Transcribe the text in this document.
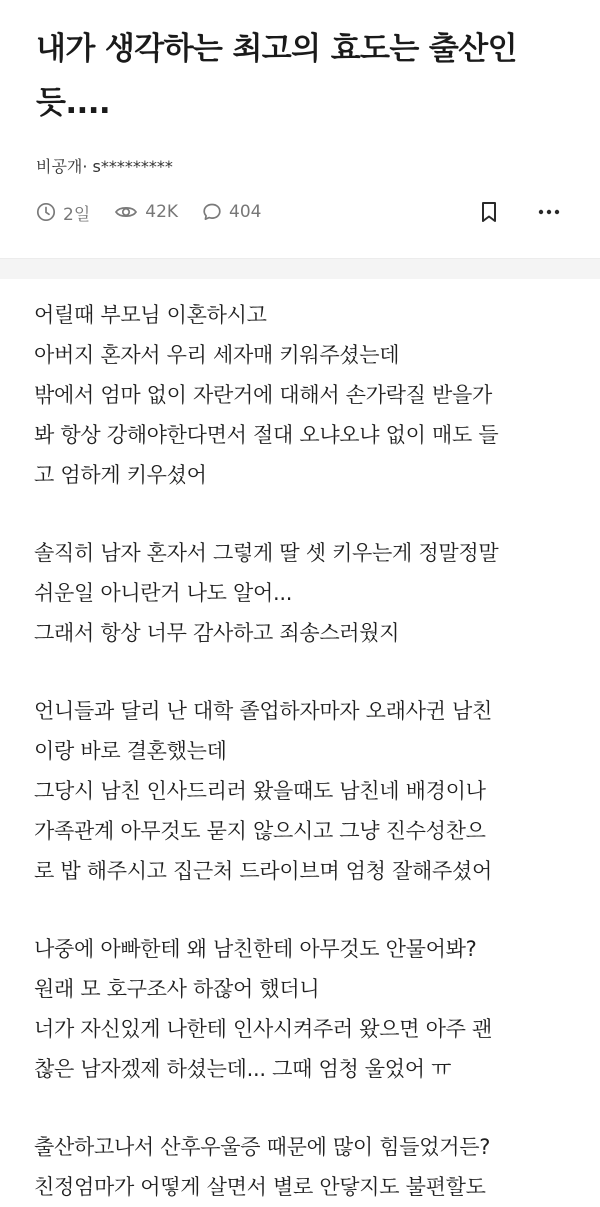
내가 생각하는 최고의 효도는 출산인
듯....
비공개· s*********
2일	42K	404
어릴때 부모님 이혼하시고
아버지 혼자서 우리 세자매 키워주셨는데
밖에서 엄마 없이 자란거에 대해서 손가락질 받을가
봐 항상 강해야한다면서 절대 오냐오냐 없이 매도 들
고 엄하게 키우셨어
솔직히 남자 혼자서 그렇게 딸 셋 키우는게 정말정말
쉬운일 아니란거 나도 알어...
그래서 항상 너무 감사하고 죄송스러웠지
언니들과 달리 난 대학 졸업하자마자 오래사귄 남친
이랑 바로 결혼했는데
그당시 남친 인사드리러 왔을때도 남친네 배경이나
가족관계 아무것도 묻지 않으시고 그냥 진수성찬으
로 밥 해주시고 집근처 드라이브며 엄청 잘해주셨어
나중에 아빠한테 왜 남친한테 아무것도 안물어봐?
원래 모 호구조사 하잖어 했더니
너가 자신있게 나한테 인사시켜주러 왔으면 아주 괜
찮은 남자겠제 하셨는데... 그때 엄청 울었어 ㅠ
출산하고나서 산후우울증 때문에 많이 힘들었거든?
친정엄마가 어떻게 살면서 별로 안닿지도 불편할도
